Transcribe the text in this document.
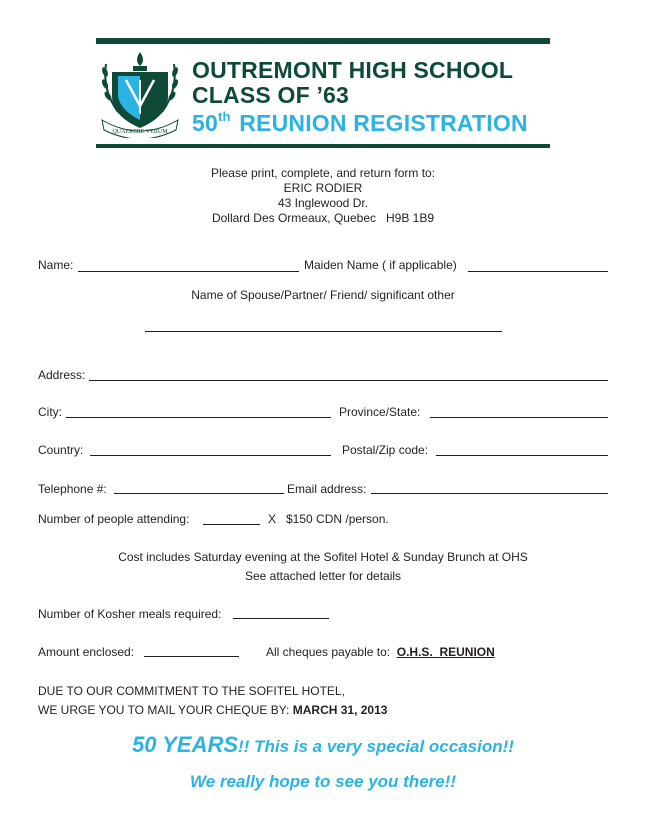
QUAERERE VERUM
OUTREMONT HIGH SCHOOL
CLASS OF ’63
50th REUNION REGISTRATION
Please print, complete, and return form to:
ERIC RODIER
43 Inglewood Dr.
Dollard Des Ormeaux, Quebec   H9B 1B9
Name:	Maiden Name ( if applicable)
Name of Spouse/Partner/ Friend/ significant other
Address:
City:	Province/State:
Country:	Postal/Zip code:
Telephone #:	Email address:
Number of people attending:	X   $150 CDN /person.
Cost includes Saturday evening at the Sofitel Hotel & Sunday Brunch at OHS
See attached letter for details
Number of Kosher meals required:
Amount enclosed:	All cheques payable to: O.H.S.  REUNION
DUE TO OUR COMMITMENT TO THE SOFITEL HOTEL,
WE URGE YOU TO MAIL YOUR CHEQUE BY: MARCH 31, 2013
50 YEARS!! This is a very special occasion!!
We really hope to see you there!!
